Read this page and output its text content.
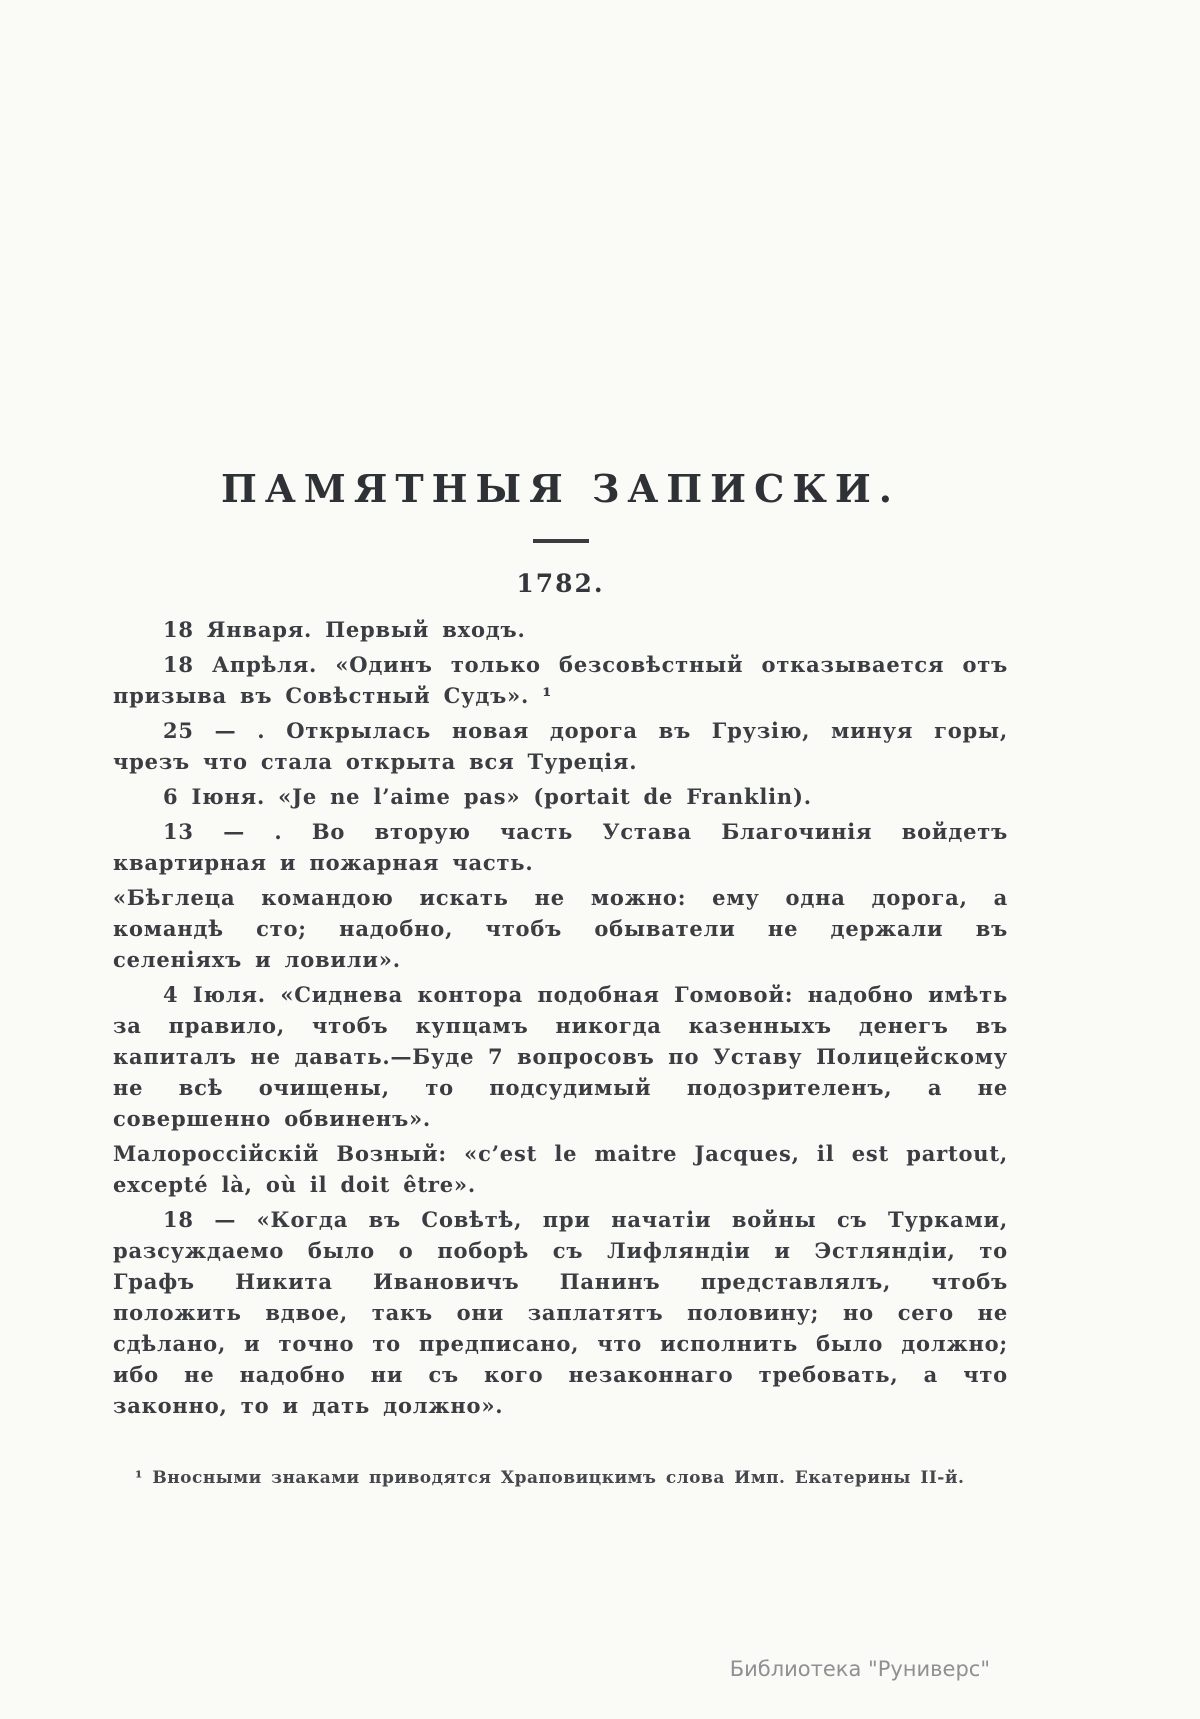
ПАМЯТНЫЯ ЗАПИСКИ.
1782.

18 Января. Первый входъ.

18 Апрѣля. «Одинъ только безсовѣстный отказывается отъ призыва въ Совѣстный Судъ». ¹

25 — . Открылась новая дорога въ Грузію, минуя горы, чрезъ что стала открыта вся Туреція.

6 Іюня. «Je ne l’aime pas» (portait de Franklin).

13 — . Во вторую часть Устава Благочинія войдетъ квартирная и пожарная часть.

«Бѣглеца командою искать не можно: ему одна дорога, а командѣ сто; надобно, чтобъ обыватели не держали въ селеніяхъ и ловили».

4 Іюля. «Сиднева контора подобная Гомовой: надобно имѣть за правило, чтобъ купцамъ никогда казенныхъ денегъ въ капиталъ не давать.—Буде 7 вопросовъ по Уставу Полицейскому не всѣ очищены, то подсудимый подозрителенъ, а не совершенно обвиненъ».

Малороссійскій Возный: «c’est le maitre Jacques, il est partout, excepté là, où il doit être».

18 — «Когда въ Совѣтѣ, при начатіи войны съ Турками, разсуждаемо было о поборѣ съ Лифляндіи и Эстляндіи, то Графъ Никита Ивановичъ Панинъ представлялъ, чтобъ положить вдвое, такъ они заплатятъ половину; но сего не сдѣлано, и точно то предписано, что исполнить было должно; ибо не надобно ни съ кого незаконнаго требовать, а что законно, то и дать должно».

¹ Вносными знаками приводятся Храповицкимъ слова Имп. Екатерины II-й.

Библиотека "Руниверс"
